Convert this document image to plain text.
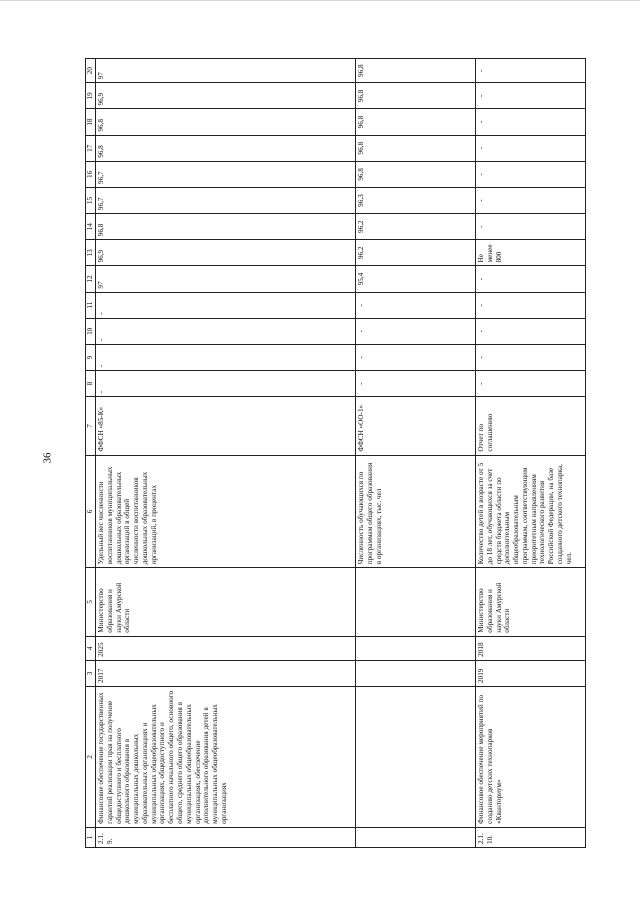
36
1	2	3	4	5	6	7	8	9	10	11	12	13	14	15	16	17	18	19	20
2.1.9.	Финансовое обеспечение государственных гарантий реализации прав на получение общедоступного и бесплатного дошкольного образования в муниципальных дошкольных образовательных организациях и муниципальных общеобразовательных организациях, общедоступного и бесплатного начального общего, основного общего, среднего общего образования в муниципальных общеобразовательных организациях, обеспечение дополнительного образования детей в муниципальных общеобразовательных организациях	2017	2025	Министерство образования и науки Амурской области	Удельный вес численности воспитанников муниципальных дошкольных образовательных организаций в общей численности воспитанников дошкольных образовательных организаций, в процентах	ФФСН «85-К»	-	-	-	-	97	96,9	96,8	96,7	96,7	96,8	96,8	96,9	97
					Численность обучающихся по программам общего образования в организациях, тыс. чел	ФФСН «ОО-1»	-	-	-	-	95,4	96,2	96,2	96,3	96,8	96,8	96,8	96,8	96,8
2.1.10.	Финансовое обеспечение мероприятий по созданию детских технопарков «Кванториум»	2019	2018	Министерство образования и науки Амурской области	Количество детей в возрасте от 5 до 18 лет, обучающихся за счет средств бюджета области по дополнительным общеобразовательным программам, соответствующим приоритетным направлениям технологического развития Российской Федерации, на базе созданного детского технопарка, чел.	Отчет по соглашению	-	-	-	-	-	Не менее 800	-	-	-	-	-	-	-
